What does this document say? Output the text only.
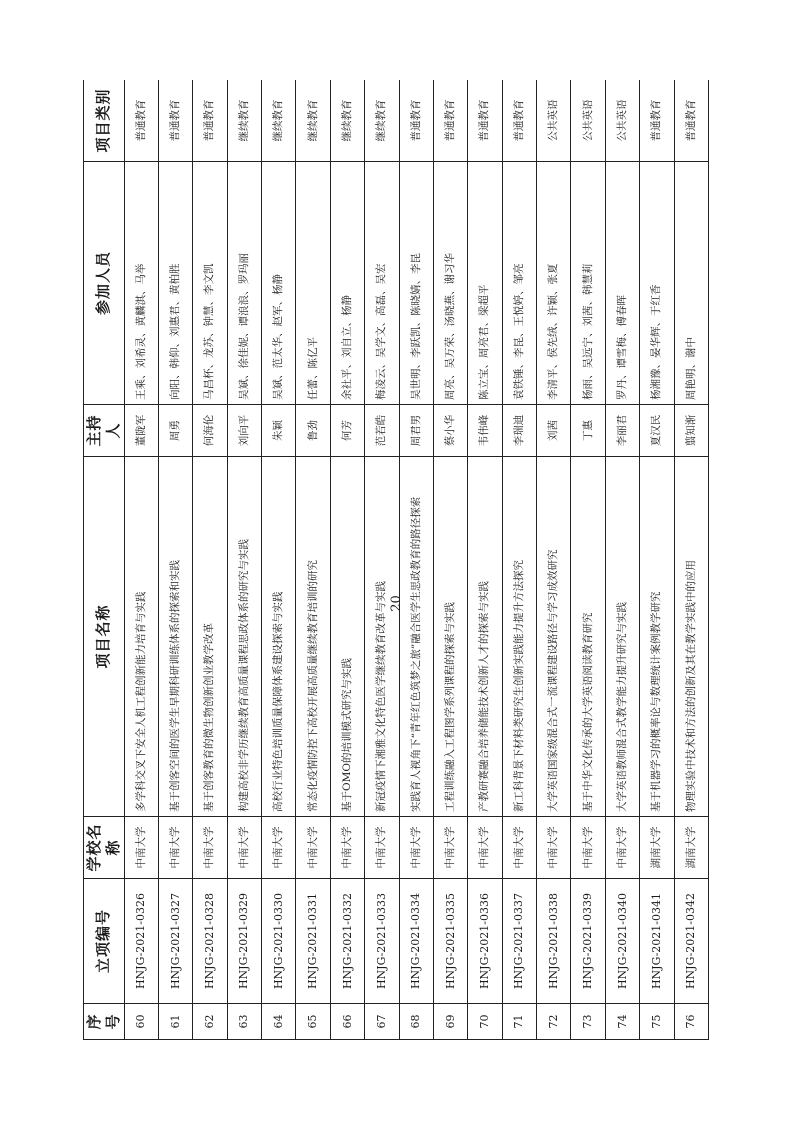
序号	立项编号	学校名称	项目名称	主持人	参加人员	项目类别
60	HNJG-2021-0326	中南大学	多学科交叉下安全人机工程创新能力培育与实践	董陇军	王乘、刘希灵、黄麟淇、马举	普通教育
61	HNJG-2021-0327	中南大学	基于创客空间的医学生早期科研训练体系的探索和实践	周勇	向阳、韩仰、刘惠君、黄柏胜	普通教育
62	HNJG-2021-0328	中南大学	基于创客教育的微生物创新创业教学改革	何海伦	马昌杯、龙苏、钟慧、李文凯	普通教育
63	HNJG-2021-0329	中南大学	构建高校非学历继续教育高质量课程思政体系的研究与实践	刘向平	吴斌、徐佳妮、谭浪浪、罗玛丽	继续教育
64	HNJG-2021-0330	中南大学	高校行业特色培训质量保障体系建设探索与实践	朱颖	吴斌、范太华、赵军、杨静	继续教育
65	HNJG-2021-0331	中南大学	常态化疫情防控下高校开展高质量继续教育培训的研究	鲁劲	任蕾、陈亿平	继续教育
66	HNJG-2021-0332	中南大学	基于OMO的培训模式研究与实践	何芳	余社平、刘自立、杨静	继续教育
67	HNJG-2021-0333	中南大学	新冠疫情下湘雅文化特色医学继续教育改革与实践	范若皓	梅凌云、吴学文、高磊、吴宏	继续教育
68	HNJG-2021-0334	中南大学	实践育人视角下“青年红色筑梦之旅”融合医学生思政教育的路径探索	周君男	吴世明、李跃凯、陈晓婧、李昆	普通教育
69	HNJG-2021-0335	中南大学	工程训练融入工程图学系列课程的探索与实践	蔡小华	周亮、吴万荣、汤晓燕、谢习华	普通教育
70	HNJG-2021-0336	中南大学	产教研赛融合培养储能技术创新人才的探索与实践	韦伟峰	陈立宝、周亮君、梁超平	普通教育
71	HNJG-2021-0337	中南大学	新工科背景下材料类研究生创新实践能力提升方法探究	李瑞迪	袁铁锤、李昆、王悦婷、邹亮	普通教育
72	HNJG-2021-0338	中南大学	大学英语国家级混合式一流课程建设路径与学习成效研究	刘茜	李清平、侯先绒、许颖、张夏	公共英语
73	HNJG-2021-0339	中南大学	基于中华文化传承的大学英语阅读教育研究	丁惠	杨雨、吴远宁、刘茜、韩慧莉	公共英语
74	HNJG-2021-0340	中南大学	大学英语教师混合式教学能力提升研究与实践	李丽君	罗丹、谭雪梅、傅春晖	公共英语
75	HNJG-2021-0341	湖南大学	基于机器学习的概率论与数理统计案例教学研究	夏汉民	杨湘豫、晏华辉、于红香	普通教育
76	HNJG-2021-0342	湖南大学	物理实验中技术和方法的创新及其在教学实践中的应用	翦知渐	周艳明、谢中	普通教育
20
